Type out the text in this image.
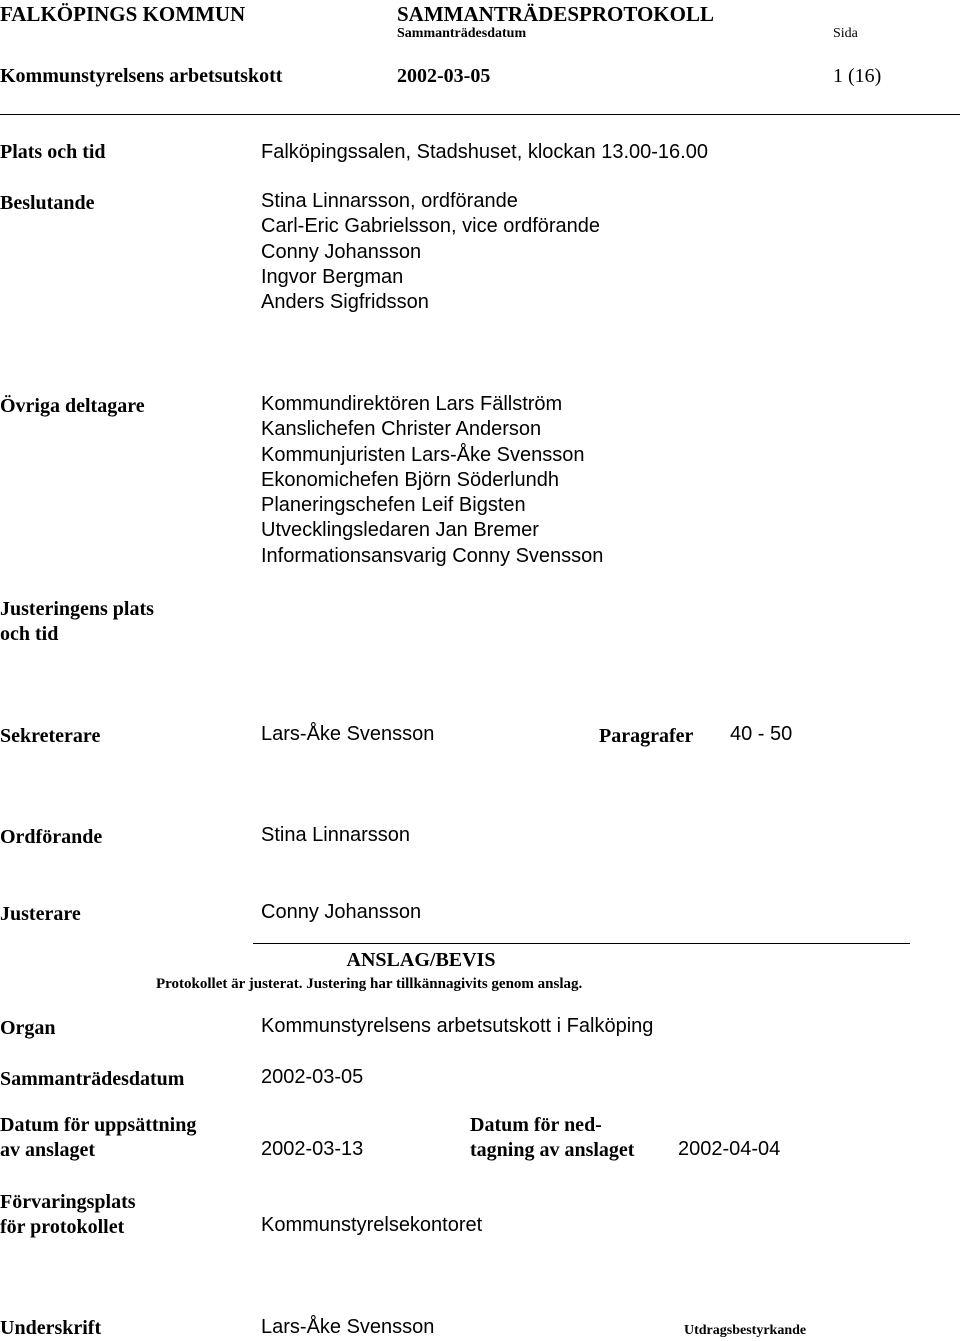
FALKÖPINGS KOMMUN	SAMMANTRÄDESPROTOKOLL
Sammanträdesdatum	Sida
Kommunstyrelsens arbetsutskott	2002-03-05	1 (16)
Plats och tid	Falköpingssalen, Stadshuset, klockan 13.00-16.00
Beslutande	Stina Linnarsson, ordförande
Carl-Eric Gabrielsson, vice ordförande
Conny Johansson
Ingvor Bergman
Anders Sigfridsson
Övriga deltagare	Kommundirektören Lars Fällström
Kanslichefen Christer Anderson
Kommunjuristen Lars-Åke Svensson
Ekonomichefen Björn Söderlundh
Planeringschefen Leif Bigsten
Utvecklingsledaren Jan Bremer
Informationsansvarig Conny Svensson
Justeringens plats
och tid
Sekreterare	Lars-Åke Svensson	Paragrafer 40 - 50
Ordförande	Stina Linnarsson
Justerare	Conny Johansson
ANSLAG/BEVIS
Protokollet är justerat. Justering har tillkännagivits genom anslag.
Organ	Kommunstyrelsens arbetsutskott i Falköping
Sammanträdesdatum	2002-03-05
Datum för uppsättning
av anslaget	2002-03-13
Datum för ned-
tagning av anslaget 2002-04-04
Förvaringsplats
för protokollet	Kommunstyrelsekontoret
Underskrift	Lars-Åke Svensson	Utdragsbestyrkande
